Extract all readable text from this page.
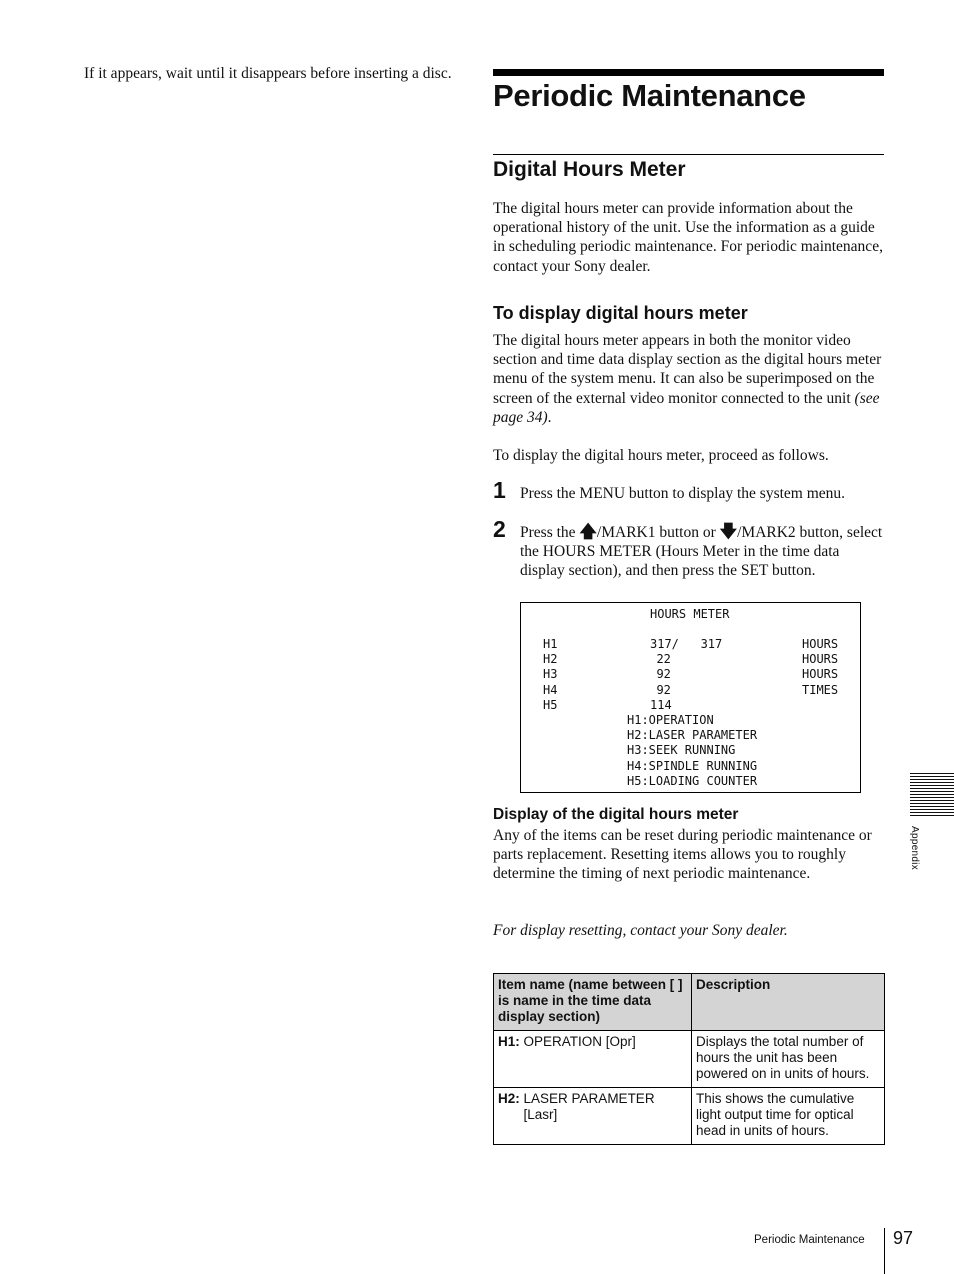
If it appears, wait until it disappears before inserting a disc.
Periodic Maintenance
Digital Hours Meter
The digital hours meter can provide information about the operational history of the unit. Use the information as a guide in scheduling periodic maintenance. For periodic maintenance, contact your Sony dealer.
To display digital hours meter
The digital hours meter appears in both the monitor video section and time data display section as the digital hours meter menu of the system menu. It can also be superimposed on the screen of the external video monitor connected to the unit (see page 34).
To display the digital hours meter, proceed as follows.
1 Press the MENU button to display the system menu.
2 Press the 🡅/MARK1 button or 🡇/MARK2 button, select the HOURS METER (Hours Meter in the time data display section), and then press the SET button.
HOURS METER
H1	317/   317	HOURS
H2	22	HOURS
H3	92	HOURS
H4	92	TIMES
H5	114
H1:OPERATION
H2:LASER PARAMETER
H3:SEEK RUNNING
H4:SPINDLE RUNNING
H5:LOADING COUNTER
Display of the digital hours meter
Any of the items can be reset during periodic maintenance or parts replacement. Resetting items allows you to roughly determine the timing of next periodic maintenance.
For display resetting, contact your Sony dealer.
Item name (name between [ ] is name in the time data display section)	Description

H1:
OPERATION [Opr]	Displays the total number of hours the unit has been powered on in units of hours.

H2:
LASER PARAMETER
[Lasr]	This shows the cumulative light output time for optical head in units of hours.
Appendix
Periodic Maintenance 97
